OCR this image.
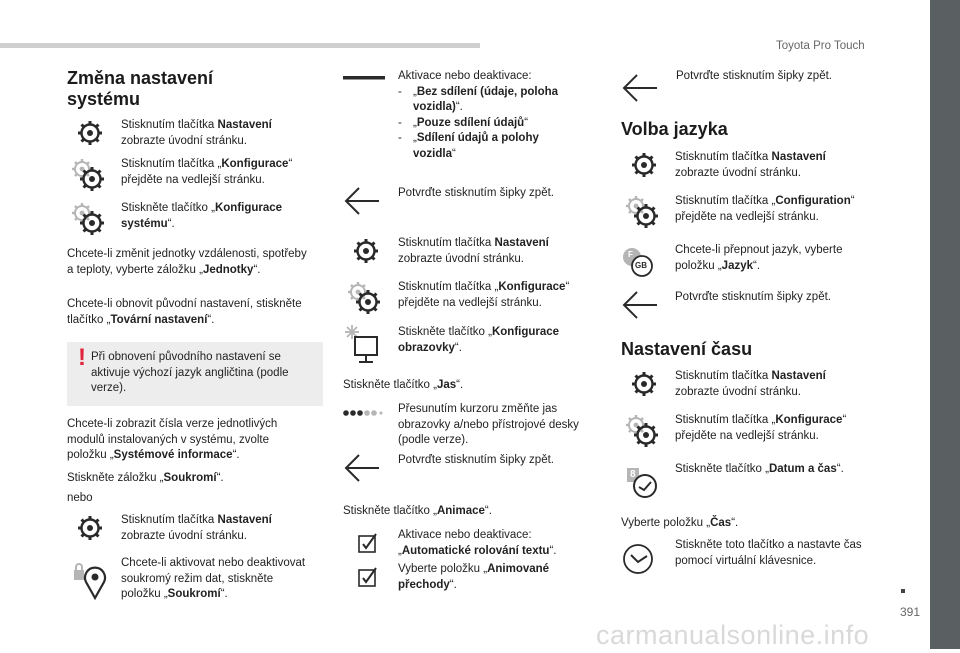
Toyota Pro Touch
Změna nastavení
systému
Stisknutím tlačítka Nastavení
zobrazte úvodní stránku.
Stisknutím tlačítka „Konfigurace“
přejděte na vedlejší stránku.
Stiskněte tlačítko „Konfigurace
systému“.
Chcete-li změnit jednotky vzdálenosti, spotřeby
a teploty, vyberte záložku „Jednotky“.
Chcete-li obnovit původní nastavení, stiskněte
tlačítko „Tovární nastavení“.
! Při obnovení původního nastavení se
aktivuje výchozí jazyk angličtina (podle
verze).
Chcete-li zobrazit čísla verze jednotlivých
modulů instalovaných v systému, zvolte
položku „Systémové informace“.
Stiskněte záložku „Soukromí“.
nebo
Stisknutím tlačítka Nastavení
zobrazte úvodní stránku.
Chcete-li aktivovat nebo deaktivovat
soukromý režim dat, stiskněte
položku „Soukromí“.
Aktivace nebo deaktivace:
- „Bez sdílení (údaje, poloha
vozidla)“.
- „Pouze sdílení údajů“
- „Sdílení údajů a polohy
vozidla“
Potvrďte stisknutím šipky zpět.
Stisknutím tlačítka Nastavení
zobrazte úvodní stránku.
Stisknutím tlačítka „Konfigurace“
přejděte na vedlejší stránku.
Stiskněte tlačítko „Konfigurace
obrazovky“.
Stiskněte tlačítko „Jas“.
Přesunutím kurzoru změňte jas
obrazovky a/nebo přístrojové desky
(podle verze).
Potvrďte stisknutím šipky zpět.
Stiskněte tlačítko „Animace“.
Aktivace nebo deaktivace:
„Automatické rolování textu“.
Vyberte položku „Animované
přechody“.
Potvrďte stisknutím šipky zpět.
Volba jazyka
Stisknutím tlačítka Nastavení
zobrazte úvodní stránku.
Stisknutím tlačítka „Configuration“
přejděte na vedlejší stránku.
F
GB
Chcete-li přepnout jazyk, vyberte
položku „Jazyk“.
Potvrďte stisknutím šipky zpět.
Nastavení času
Stisknutím tlačítka Nastavení
zobrazte úvodní stránku.
Stisknutím tlačítka „Konfigurace“
přejděte na vedlejší stránku.
8	Stiskněte tlačítko „Datum a čas“.
Vyberte položku „Čas“.
Stiskněte toto tlačítko a nastavte čas
pomocí virtuální klávesnice.
391
carmanualsonline.info
